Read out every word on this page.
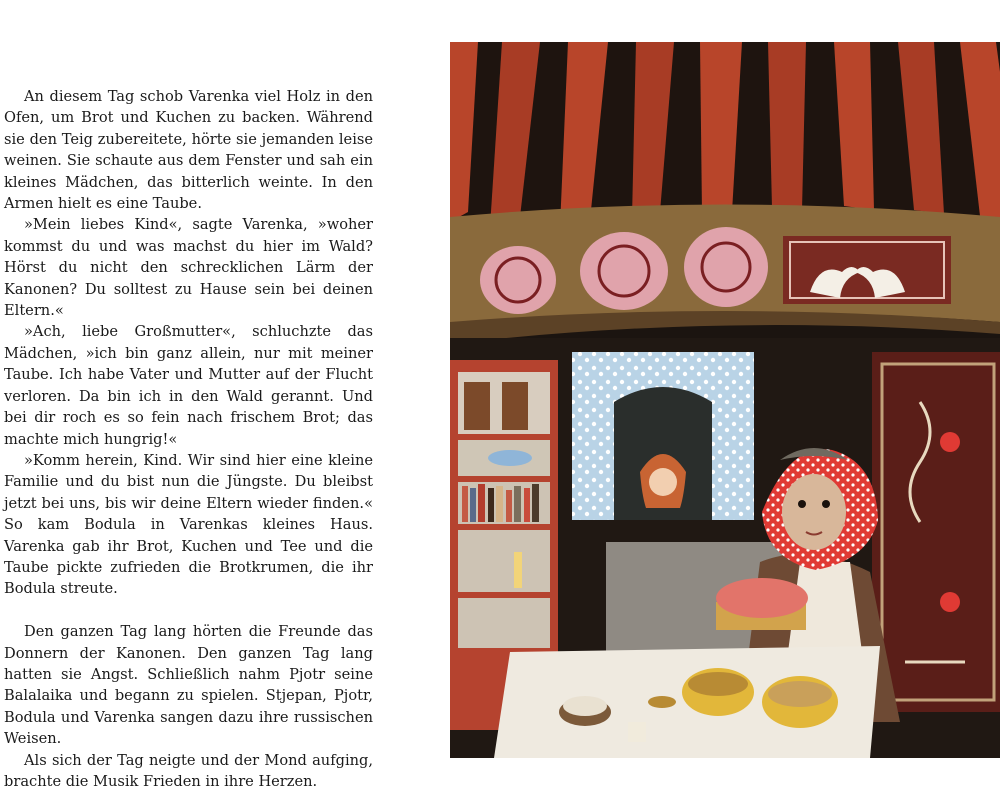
An diesem Tag schob Varenka viel Holz in den Ofen, um Brot und Kuchen zu backen. Während sie den Teig zubereitete, hörte sie jemanden leise weinen. Sie schaute aus dem Fenster und sah ein kleines Mädchen, das bitterlich weinte. In den Armen hielt es eine Taube.

»Mein liebes Kind«, sagte Varenka, »woher kommst du und was machst du hier im Wald? Hörst du nicht den schrecklichen Lärm der Kanonen? Du solltest zu Hause sein bei deinen Eltern.«

»Ach, liebe Großmutter«, schluchzte das Mädchen, »ich bin ganz allein, nur mit meiner Taube. Ich habe Vater und Mutter auf der Flucht verloren. Da bin ich in den Wald gerannt. Und bei dir roch es so fein nach frischem Brot; das machte mich hungrig!«

»Komm herein, Kind. Wir sind hier eine kleine Familie und du bist nun die Jüngste. Du bleibst jetzt bei uns, bis wir deine Eltern wieder finden.« So kam Bodula in Varenkas kleines Haus. Varenka gab ihr Brot, Kuchen und Tee und die Taube pickte zufrieden die Brotkrumen, die ihr Bodula streute.

Den ganzen Tag lang hörten die Freunde das Donnern der Kanonen. Den ganzen Tag lang hatten sie Angst. Schließlich nahm Pjotr seine Balalaika und begann zu spielen. Stjepan, Pjotr, Bodula und Varenka sangen dazu ihre russischen Weisen.

Als sich der Tag neigte und der Mond aufging, brachte die Musik Frieden in ihre Herzen.
